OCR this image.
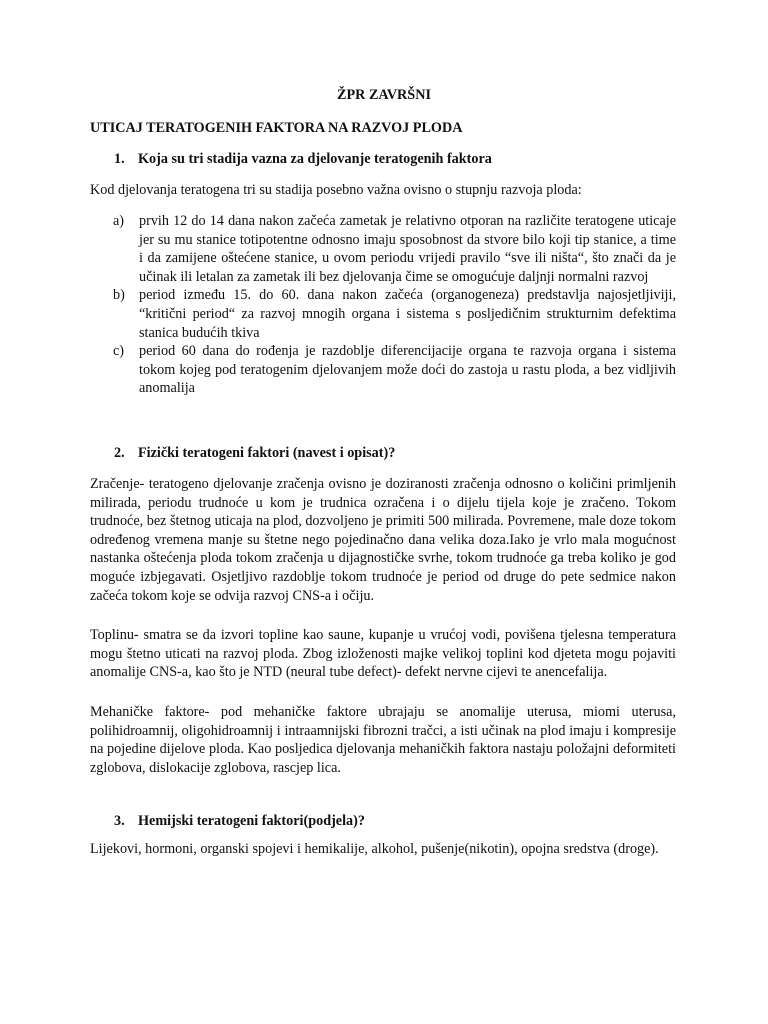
ŽPR ZAVRŠNI
UTICAJ TERATOGENIH FAKTORA NA RAZVOJ PLODA
1. Koja su tri stadija vazna za djelovanje teratogenih faktora

Kod djelovanja teratogena tri su stadija posebno važna ovisno o stupnju razvoja ploda:

a) prvih 12 do 14 dana nakon začeća zametak je relativno otporan na različite teratogene uticaje jer su mu stanice totipotentne odnosno imaju sposobnost da stvore bilo koji tip stanice, a time i da zamijene oštećene stanice, u ovom periodu vrijedi pravilo “sve ili ništa“, što znači da je učinak ili letalan za zametak ili bez djelovanja čime se omogućuje daljnji normalni razvoj
b) period između 15. do 60. dana nakon začeća (organogeneza) predstavlja najosjetljiviji, “kritični period“ za razvoj mnogih organa i sistema s posljedičnim strukturnim defektima stanica budućih tkiva
c) period 60 dana do rođenja je razdoblje diferencijacije organa te razvoja organa i sistema tokom kojeg pod teratogenim djelovanjem može doći do zastoja u rastu ploda, a bez vidljivih anomalija
2. Fizički teratogeni faktori (navest i opisat)?

Zračenje- teratogeno djelovanje zračenja ovisno je doziranosti zračenja odnosno o količini primljenih milirada, periodu trudnoće u kom je trudnica ozračena i o dijelu tijela koje je zračeno. Tokom trudnoće, bez štetnog uticaja na plod, dozvoljeno je primiti 500 milirada. Povremene, male doze tokom određenog vremena manje su štetne nego pojedinačno dana velika doza.Iako je vrlo mala mogućnost nastanka oštećenja ploda tokom zračenja u dijagnostičke svrhe, tokom trudnoće ga treba koliko je god moguće izbjegavati. Osjetljivo razdoblje tokom trudnoće je period od druge do pete sedmice nakon začeća tokom koje se odvija razvoj CNS-a i očiju.

Toplinu- smatra se da izvori topline kao saune, kupanje u vrućoj vodi, povišena tjelesna temperatura mogu štetno uticati na razvoj ploda. Zbog izloženosti majke velikoj toplini kod djeteta mogu pojaviti anomalije CNS-a, kao što je NTD (neural tube defect)- defekt nervne cijevi te anencefalija.

Mehaničke faktore- pod mehaničke faktore ubrajaju se anomalije uterusa, miomi uterusa, polihidroamnij, oligohidroamnij i intraamnijski fibrozni tračci, a isti učinak na plod imaju i kompresije na pojedine dijelove ploda. Kao posljedica djelovanja mehaničkih faktora nastaju položajni deformiteti zglobova, dislokacije zglobova, rascjep lica.

3. Hemijski teratogeni faktori(podjela)?

Lijekovi, hormoni, organski spojevi i hemikalije, alkohol, pušenje(nikotin), opojna sredstva (droge).
